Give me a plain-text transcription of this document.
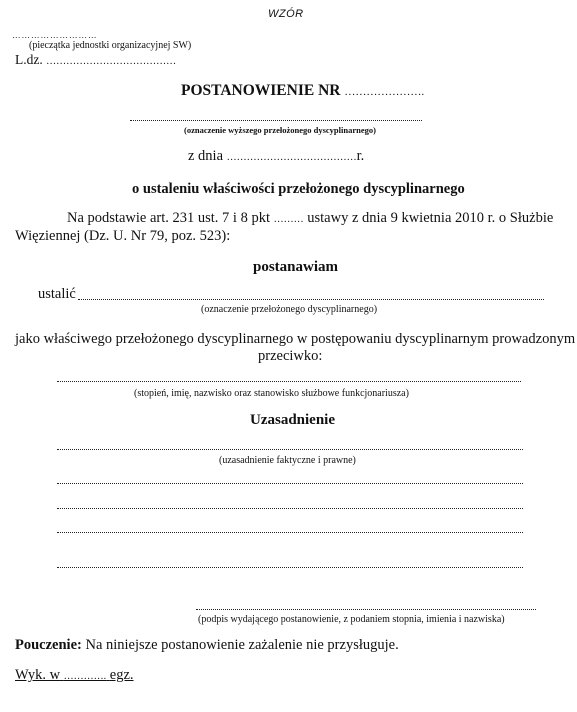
WZÓR
………………………
(pieczątka jednostki organizacyjnej SW)
L.dz. …………………………………
POSTANOWIENIE NR ………………….
(oznaczenie wyższego przełożonego dyscyplinarnego)
z dnia …………………………………r.
o ustaleniu właściwości przełożonego dyscyplinarnego
Na podstawie art. 231 ust. 7 i 8 pkt ……… ustawy z dnia 9 kwietnia 2010 r. o Służbie
Więziennej (Dz. U. Nr 79, poz. 523):
postanawiam
ustalić
(oznaczenie przełożonego dyscyplinarnego)
jako właściwego przełożonego dyscyplinarnego w postępowaniu dyscyplinarnym prowadzonym
przeciwko:
(stopień, imię, nazwisko oraz stanowisko służbowe funkcjonariusza)
Uzasadnienie
(uzasadnienie faktyczne i prawne)
(podpis wydającego postanowienie, z podaniem stopnia, imienia i nazwiska)
Pouczenie: Na niniejsze postanowienie zażalenie nie przysługuje.
Wyk. w …………. egz.
